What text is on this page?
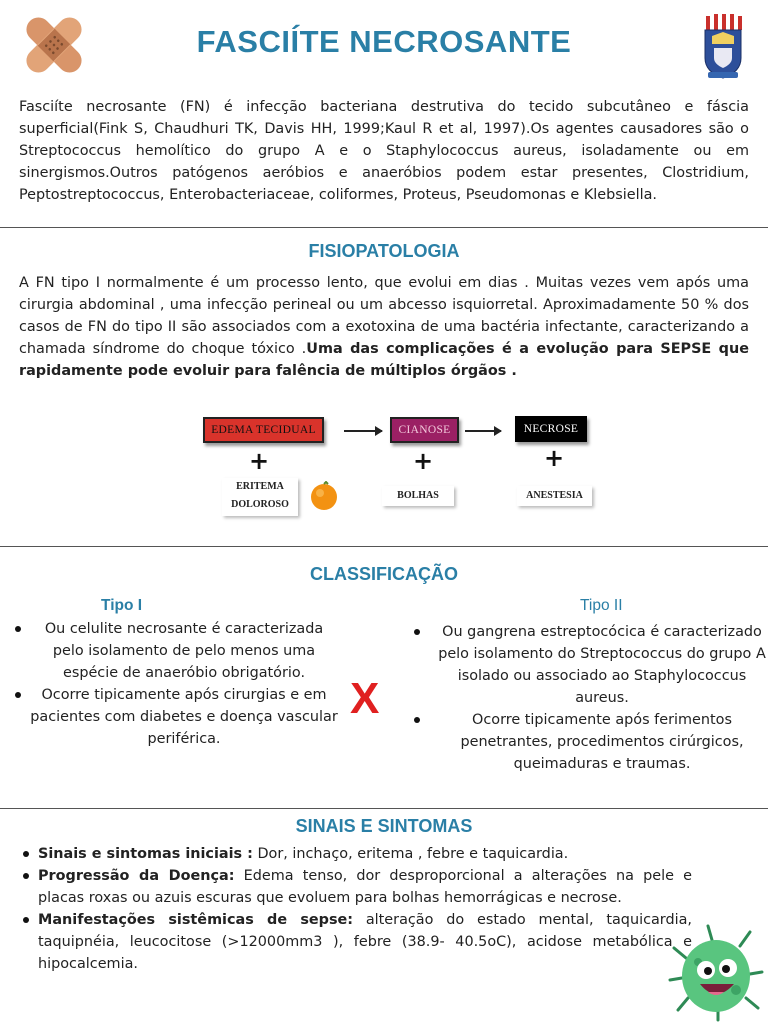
FASCIÍTE NECROSANTE

Fasciíte necrosante (FN) é infecção bacteriana destrutiva do tecido subcutâneo e fáscia superficial(Fink S, Chaudhuri TK, Davis HH, 1999;Kaul R et al, 1997).Os agentes causadores são o Streptococcus hemolítico do grupo A e o Staphylococcus aureus, isoladamente ou em sinergismos.Outros patógenos aeróbios e anaeróbios podem estar presentes, Clostridium, Peptostreptococcus, Enterobacteriaceae, coliformes, Proteus, Pseudomonas e Klebsiella.

FISIOPATOLOGIA

A FN tipo I normalmente é um processo lento, que evolui em dias . Muitas vezes vem após uma cirurgia abdominal , uma infecção perineal ou um abcesso isquiorretal. Aproximadamente 50 % dos casos de FN do tipo II são associados com a exotoxina de uma bactéria infectante, caracterizando a chamada síndrome do choque tóxico .Uma das complicações é a evolução para SEPSE que rapidamente pode evoluir para falência de múltiplos órgãos .

EDEMA TECIDUAL	CIANOSE	NECROSE
+	+	+
ERITEMA
DOLOROSO
BOLHAS	ANESTESIA
CLASSIFICAÇÃO
Tipo I	Tipo II
Ou celulite necrosante é caracterizada pelo isolamento de pelo menos uma espécie de anaeróbio obrigatório.
Ocorre tipicamente após cirurgias e em pacientes com diabetes e doença vascular periférica.
X
Ou gangrena estreptocócica é caracterizado pelo isolamento do Streptococcus do grupo A isolado ou associado ao Staphylococcus aureus.
Ocorre tipicamente após ferimentos penetrantes, procedimentos cirúrgicos, queimaduras e traumas.
SINAIS E SINTOMAS
Sinais e sintomas iniciais : Dor, inchaço, eritema , febre e taquicardia.
Progressão da Doença: Edema tenso, dor desproporcional a alterações na pele e placas roxas ou azuis escuras que evoluem para bolhas hemorrágicas e necrose.
Manifestações sistêmicas de sepse: alteração do estado mental, taquicardia, taquipnéia, leucocitose (>12000mm3 ), febre (38.9- 40.5oC), acidose metabólica e hipocalcemia.
